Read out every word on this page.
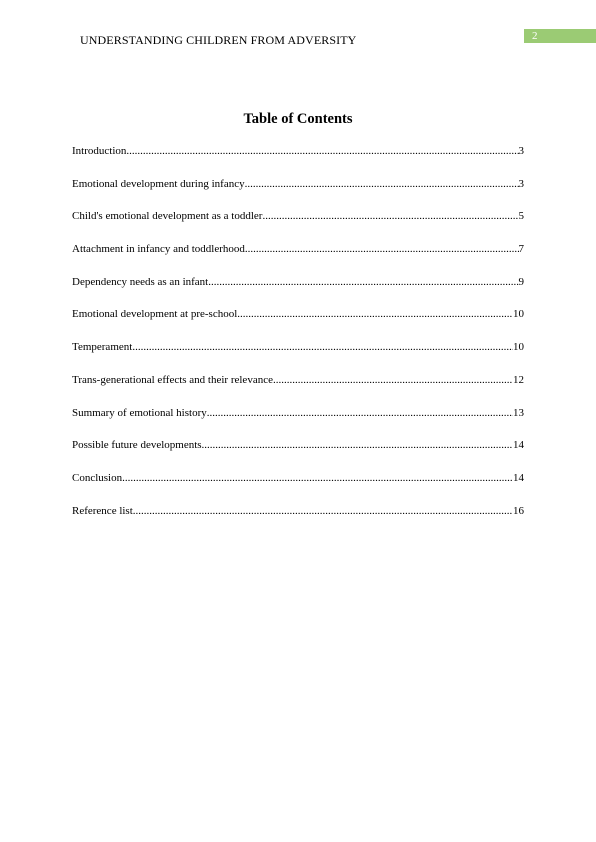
UNDERSTANDING CHILDREN FROM ADVERSITY	2
Table of Contents
Introduction .....	3
Emotional development during infancy .....	3
Child's emotional development as a toddler .....	5
Attachment in infancy and toddlerhood .....	7
Dependency needs as an infant .....	9
Emotional development at pre-school .....	10
Temperament .....	10
Trans-generational effects and their relevance .....	12
Summary of emotional history .....	13
Possible future developments .....	14
Conclusion .....	14
Reference list .....	16
